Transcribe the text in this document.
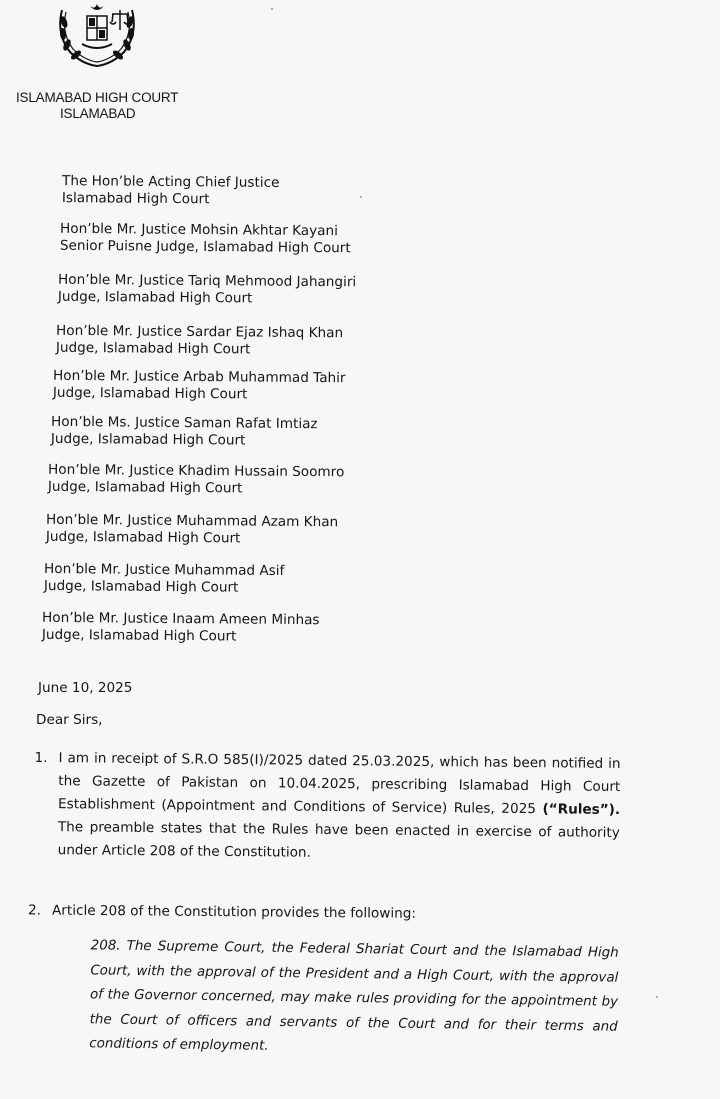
ISLAMABAD HIGH COURT
ISLAMABAD
The Hon’ble Acting Chief Justice
Islamabad High Court
Hon’ble Mr. Justice Mohsin Akhtar Kayani
Senior Puisne Judge, Islamabad High Court
Hon’ble Mr. Justice Tariq Mehmood Jahangiri
Judge, Islamabad High Court
Hon’ble Mr. Justice Sardar Ejaz Ishaq Khan
Judge, Islamabad High Court
Hon’ble Mr. Justice Arbab Muhammad Tahir
Judge, Islamabad High Court
Hon’ble Ms. Justice Saman Rafat Imtiaz
Judge, Islamabad High Court
Hon’ble Mr. Justice Khadim Hussain Soomro
Judge, Islamabad High Court
Hon’ble Mr. Justice Muhammad Azam Khan
Judge, Islamabad High Court
Hon’ble Mr. Justice Muhammad Asif
Judge, Islamabad High Court
Hon’ble Mr. Justice Inaam Ameen Minhas
Judge, Islamabad High Court
June 10, 2025
Dear Sirs,
1. I am in receipt of S.R.O 585(I)/2025 dated 25.03.2025, which has been notified in the Gazette of Pakistan on 10.04.2025, prescribing Islamabad High Court Establishment (Appointment and Conditions of Service) Rules, 2025 (“Rules”). The preamble states that the Rules have been enacted in exercise of authority under Article 208 of the Constitution.
2. Article 208 of the Constitution provides the following:
208. The Supreme Court, the Federal Shariat Court and the Islamabad High Court, with the approval of the President and a High Court, with the approval of the Governor concerned, may make rules providing for the appointment by the Court of officers and servants of the Court and for their terms and conditions of employment.
